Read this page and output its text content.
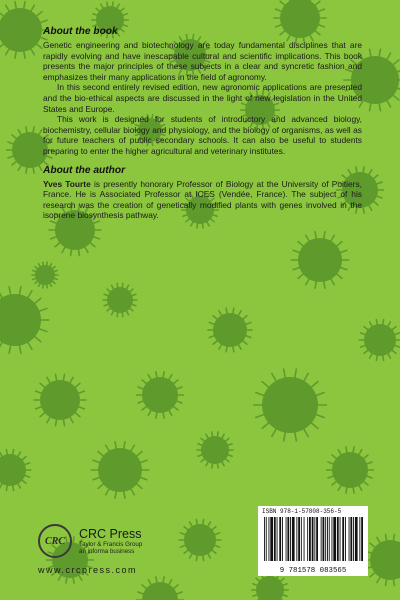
About the book

Genetic engineering and biotechnology are today fundamental disciplines that are rapidly evolving and have inescapable cultural and scientific implications. This book presents the major principles of these subjects in a clear and syncretic fashion and emphasizes their many applications in the field of agronomy.

In this second entirely revised edition, new agronomic applications are presented and the bio-ethical aspects are discussed in the light of new legislation in the United States and Europe.

This work is designed for students of introductory and advanced biology, biochemistry, cellular biology and physiology, and the biology of organisms, as well as for future teachers of public secondary schools. It can also be useful to students preparing to enter the higher agricultural and veterinary institutes.

About the author

Yves Tourte is presently honorary Professor of Biology at the University of Poitiers, France. He is Associated Professor at ICES (Vendée, France). The subject of his research was the creation of genetically modified plants with genes involved in the isoprene biosynthesis pathway.

CRC	CRC Press
Taylor & Francis Group
an informa business
www.crcpress.com
ISBN 978-1-57808-356-5
9 781578 083565
